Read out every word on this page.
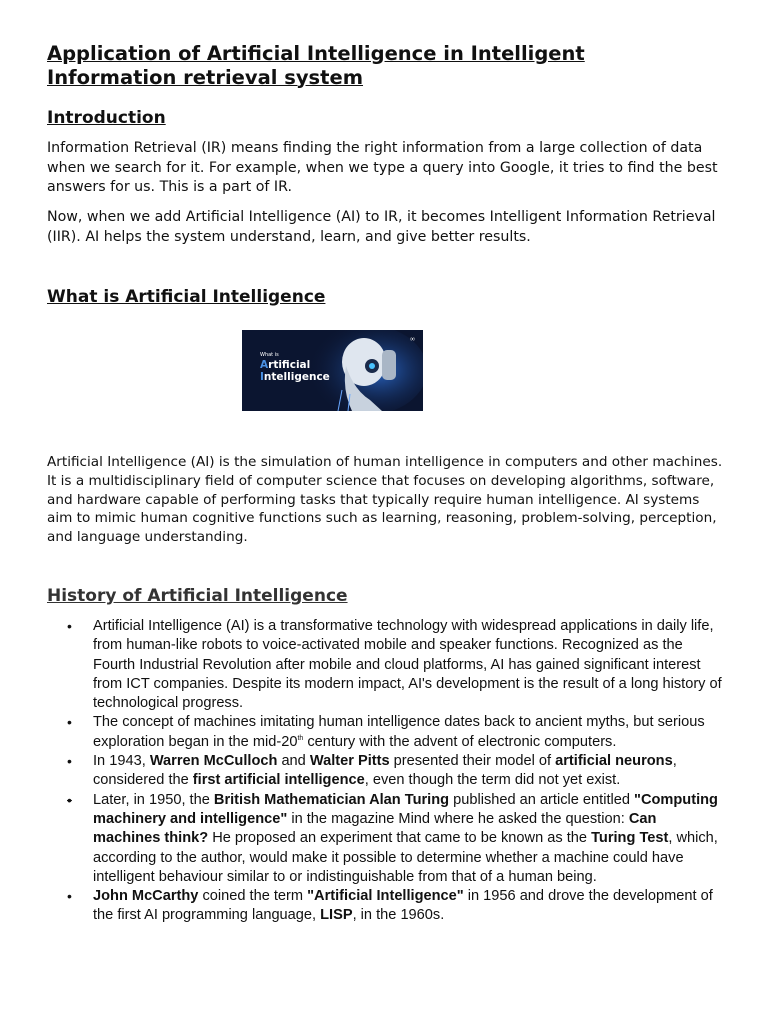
Application of Artificial Intelligence in Intelligent Information retrieval system
Introduction

Information Retrieval (IR) means finding the right information from a large collection of data when we search for it. For example, when we type a query into Google, it tries to find the best answers for us. This is a part of IR.

Now, when we add Artificial Intelligence (AI) to IR, it becomes Intelligent Information Retrieval (IIR). AI helps the system understand, learn, and give better results.

What is Artificial Intelligence
∞
What is
Artificial
Intelligence

Artificial Intelligence (AI) is the simulation of human intelligence in computers and other machines. It is a multidisciplinary field of computer science that focuses on developing algorithms, software, and hardware capable of performing tasks that typically require human intelligence. AI systems aim to mimic human cognitive functions such as learning, reasoning, problem-solving, perception, and language understanding.

History of Artificial Intelligence
• Artificial Intelligence (AI) is a transformative technology with widespread applications in daily life, from human-like robots to voice-activated mobile and speaker functions. Recognized as the Fourth Industrial Revolution after mobile and cloud platforms, AI has gained significant interest from ICT companies. Despite its modern impact, AI's development is the result of a long history of technological progress.
• The concept of machines imitating human intelligence dates back to ancient myths, but serious exploration began in the mid-20th century with the advent of electronic computers.
• In 1943, Warren McCulloch and Walter Pitts presented their model of artificial neurons, considered the first artificial intelligence, even though the term did not yet exist.
• Later, in 1950, the British Mathematician Alan Turing published an article entitled "Computing machinery and intelligence" in the magazine Mind where he asked the question: Can machines think? He proposed an experiment that came to be known as the Turing Test, which, according to the author, would make it possible to determine whether a machine could have intelligent behaviour similar to or indistinguishable from that of a human being.
• John McCarthy coined the term "Artificial Intelligence" in 1956 and drove the development of the first AI programming language, LISP, in the 1960s.
